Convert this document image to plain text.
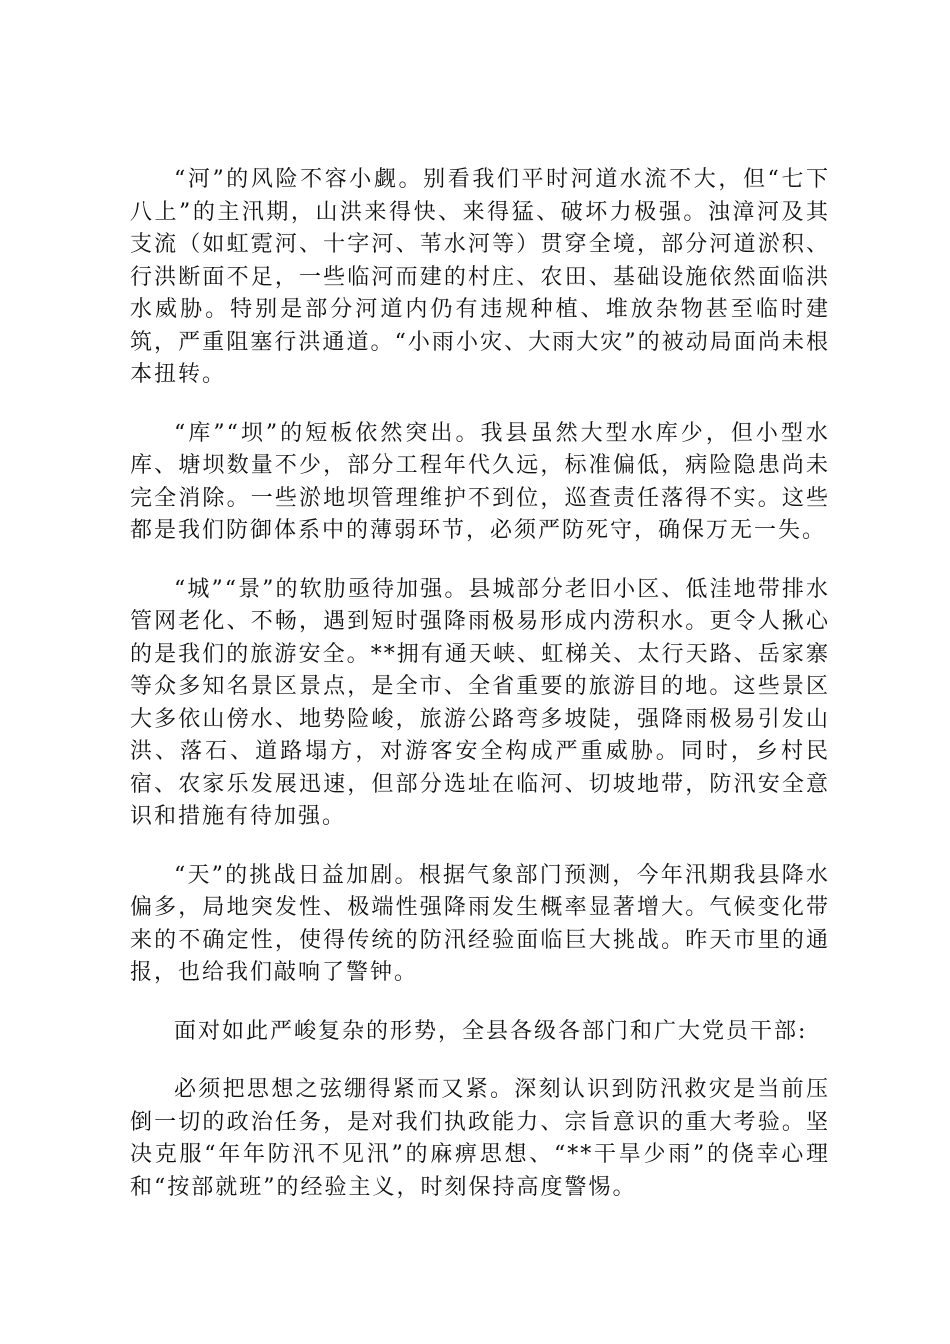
“河”的风险不容小觑。别看我们平时河道水流不大，但“七下八上”的主汛期，山洪来得快、来得猛、破坏力极强。浊漳河及其支流（如虹霓河、十字河、苇水河等）贯穿全境，部分河道淤积、行洪断面不足，一些临河而建的村庄、农田、基础设施依然面临洪水威胁。特别是部分河道内仍有违规种植、堆放杂物甚至临时建筑，严重阻塞行洪通道。“小雨小灾、大雨大灾”的被动局面尚未根本扭转。

“库”“坝”的短板依然突出。我县虽然大型水库少，但小型水库、塘坝数量不少，部分工程年代久远，标准偏低，病险隐患尚未完全消除。一些淤地坝管理维护不到位，巡查责任落得不实。这些都是我们防御体系中的薄弱环节，必须严防死守，确保万无一失。

“城”“景”的软肋亟待加强。县城部分老旧小区、低洼地带排水管网老化、不畅，遇到短时强降雨极易形成内涝积水。更令人揪心的是我们的旅游安全。**拥有通天峡、虹梯关、太行天路、岳家寨等众多知名景区景点，是全市、全省重要的旅游目的地。这些景区大多依山傍水、地势险峻，旅游公路弯多坡陡，强降雨极易引发山洪、落石、道路塌方，对游客安全构成严重威胁。同时，乡村民宿、农家乐发展迅速，但部分选址在临河、切坡地带，防汛安全意识和措施有待加强。

“天”的挑战日益加剧。根据气象部门预测，今年汛期我县降水偏多，局地突发性、极端性强降雨发生概率显著增大。气候变化带来的不确定性，使得传统的防汛经验面临巨大挑战。昨天市里的通报，也给我们敲响了警钟。

面对如此严峻复杂的形势，全县各级各部门和广大党员干部:

必须把思想之弦绷得紧而又紧。深刻认识到防汛救灾是当前压倒一切的政治任务，是对我们执政能力、宗旨意识的重大考验。坚决克服“年年防汛不见汛”的麻痹思想、“**干旱少雨”的侥幸心理和“按部就班”的经验主义，时刻保持高度警惕。
